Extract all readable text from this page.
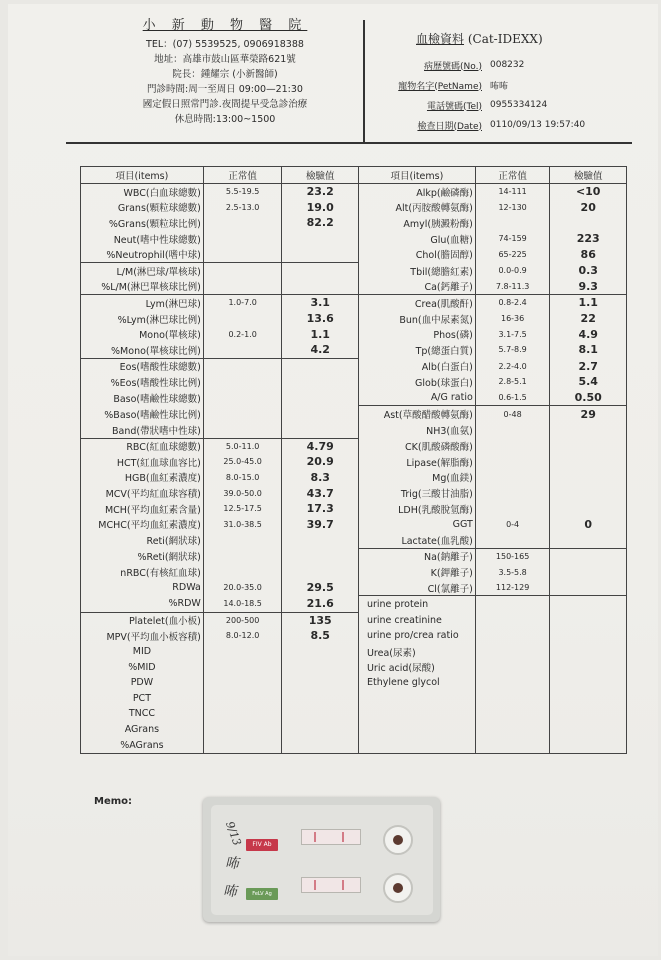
小 新 動 物 醫 院
TEL：(07) 5539525, 0906918388
地址：高雄市鼓山區華榮路621號
院長：鍾耀宗 (小新醫師)
門診時間:周一至周日 09:00—21:30
國定假日照常門診.夜間提早受急診治療
休息時間:13:00~1500
血檢資料 (Cat-IDEXX)
病歷號碼(No.) 008232
寵物名字(PetName) 咘咘
電話號碼(Tel) 0955334124
檢查日期(Date) 0110/09/13 19:57:40
項目(items)	正常值	檢驗值	項目(items)	正常值	檢驗值
WBC(白血球總數)	5.5-19.5	23.2	Alkp(鹼磷酶)	14-111	<10
Grans(顆粒球總數)	2.5-13.0	19.0	Alt(丙胺酸轉氨酶)	12-130	20
%Grans(顆粒球比例)		82.2	Amyl(胰澱粉酶)		
Neut(嗜中性球總數)			Glu(血糖)	74-159	223
%Neutrophil(嗜中球)			Chol(膽固醇)	65-225	86
L/M(淋巴球/單核球)			Tbil(總膽紅素)	0.0-0.9	0.3
%L/M(淋巴單核球比例)			Ca(鈣離子)	7.8-11.3	9.3
Lym(淋巴球)	1.0-7.0	3.1	Crea(肌酸酐)	0.8-2.4	1.1
%Lym(淋巴球比例)		13.6	Bun(血中尿素氮)	16-36	22
Mono(單核球)	0.2-1.0	1.1	Phos(磷)	3.1-7.5	4.9
%Mono(單核球比例)		4.2	Tp(總蛋白質)	5.7-8.9	8.1
Eos(嗜酸性球總數)			Alb(白蛋白)	2.2-4.0	2.7
%Eos(嗜酸性球比例)			Glob(球蛋白)	2.8-5.1	5.4
Baso(嗜鹼性球總數)			A/G ratio	0.6-1.5	0.50
%Baso(嗜鹼性球比例)			Ast(草酸醋酸轉氨酶)	0-48	29
Band(帶狀嗜中性球)			NH3(血氨)		
RBC(紅血球總數)	5.0-11.0	4.79	CK(肌酸磷酸酶)		
HCT(紅血球血容比)	25.0-45.0	20.9	Lipase(解脂酶)		
HGB(血紅素濃度)	8.0-15.0	8.3	Mg(血鎂)		
MCV(平均紅血球容積)	39.0-50.0	43.7	Trig(三酸甘油脂)		
MCH(平均血紅素含量)	12.5-17.5	17.3	LDH(乳酸脫氫酶)		
MCHC(平均血紅素濃度)	31.0-38.5	39.7	GGT	0-4	0
Reti(網狀球)			Lactate(血乳酸)		
%Reti(網狀球)			Na(鈉離子)	150-165	
nRBC(有核紅血球)			K(鉀離子)	3.5-5.8	
RDWa	20.0-35.0	29.5	Cl(氯離子)	112-129	
%RDW	14.0-18.5	21.6	urine protein		
Platelet(血小板)	200-500	135	urine creatinine		
MPV(平均血小板容積)	8.0-12.0	8.5	urine pro/crea ratio		
MID			Urea(尿素)		
%MID			Uric acid(尿酸)		
PDW			Ethylene glycol		
PCT					
TNCC					
AGrans					
%AGrans					
Memo:
9/13
咘
咘
FIV Ab
FeLV Ag
